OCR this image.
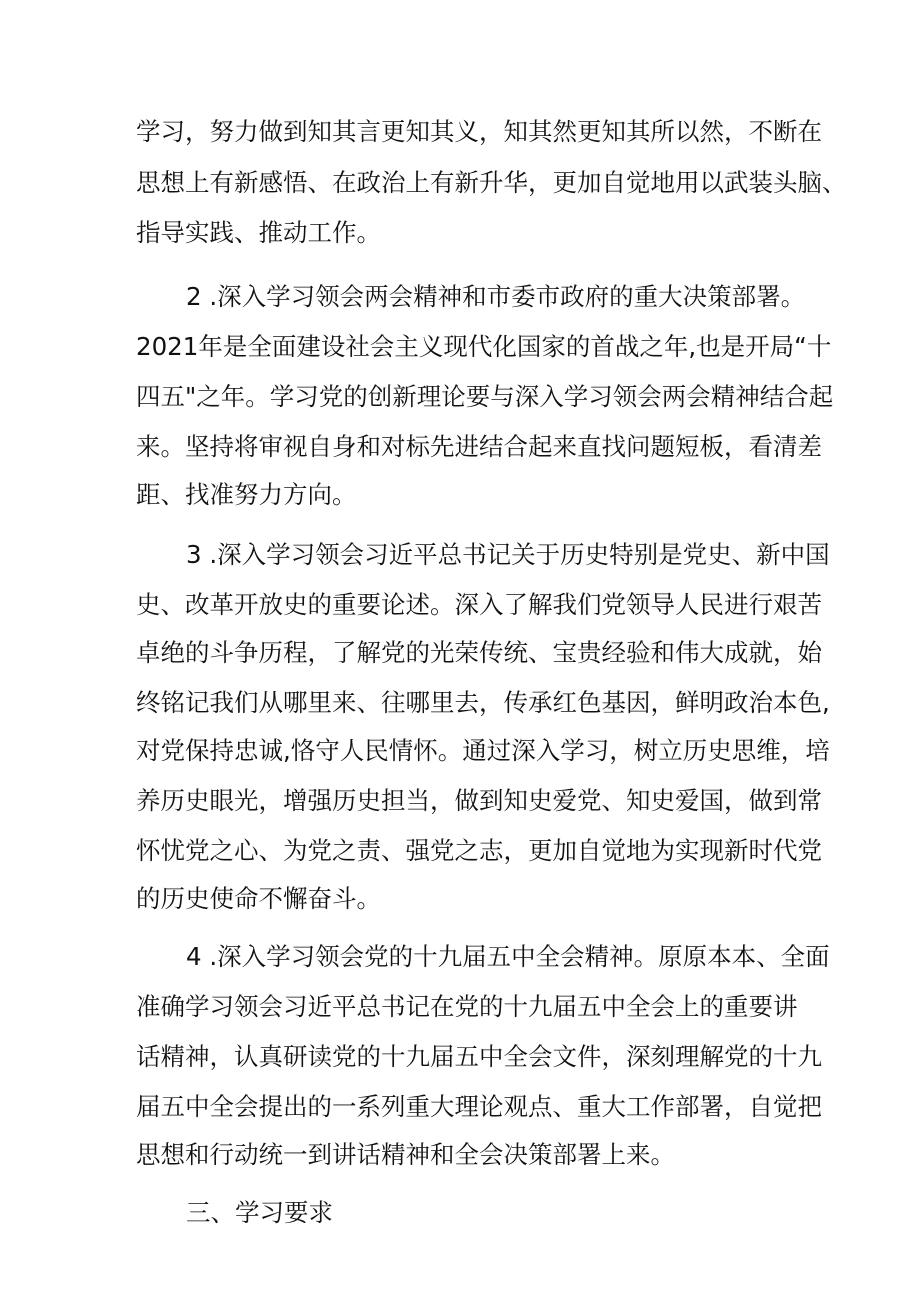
学习，努力做到知其言更知其义，知其然更知其所以然，不断在
思想上有新感悟、在政治上有新升华，更加自觉地用以武装头脑、
指导实践、推动工作。
2 .深入学习领会两会精神和市委市政府的重大决策部署。
2021年是全面建设社会主义现代化国家的首战之年,也是开局“十
四五"之年。学习党的创新理论要与深入学习领会两会精神结合起
来。坚持将审视自身和对标先进结合起来直找问题短板，看清差
距、找准努力方向。
3 .深入学习领会习近平总书记关于历史特别是党史、新中国
史、改革开放史的重要论述。深入了解我们党领导人民进行艰苦
卓绝的斗争历程，了解党的光荣传统、宝贵经验和伟大成就，始
终铭记我们从哪里来、往哪里去，传承红色基因，鲜明政治本色,
对党保持忠诚,恪守人民情怀。通过深入学习，树立历史思维，培
养历史眼光，增强历史担当，做到知史爱党、知史爱国，做到常
怀忧党之心、为党之责、强党之志，更加自觉地为实现新时代党
的历史使命不懈奋斗。
4 .深入学习领会党的十九届五中全会精神。原原本本、全面
准确学习领会习近平总书记在党的十九届五中全会上的重要讲
话精神，认真研读党的十九届五中全会文件，深刻理解党的十九
届五中全会提出的一系列重大理论观点、重大工作部署，自觉把
思想和行动统一到讲话精神和全会决策部署上来。
三、学习要求
